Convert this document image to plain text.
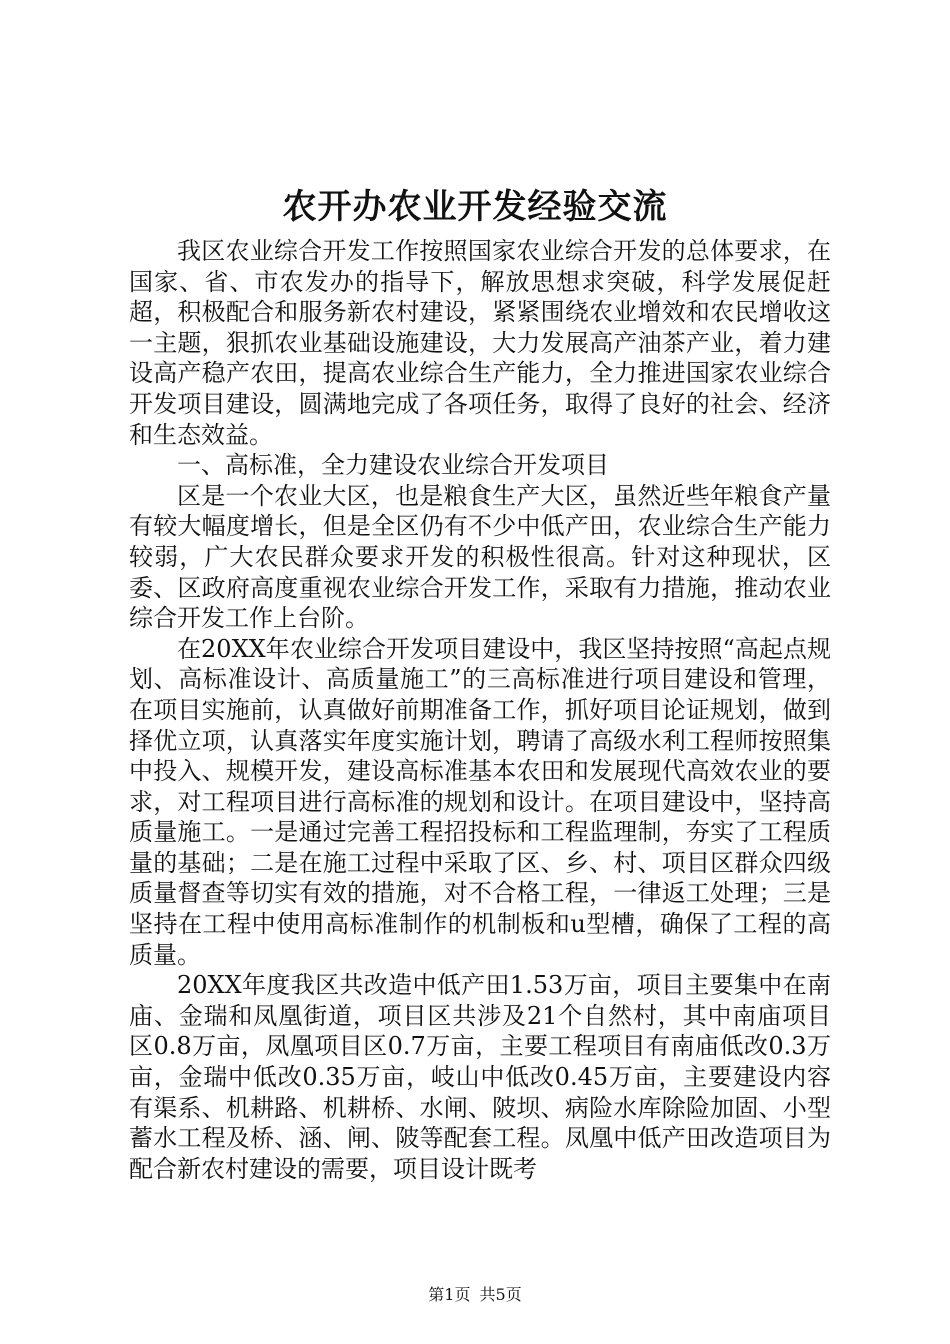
农开办农业开发经验交流

我区农业综合开发工作按照国家农业综合开发的总体要求，在国家、省、市农发办的指导下，解放思想求突破，科学发展促赶超，积极配合和服务新农村建设，紧紧围绕农业增效和农民增收这一主题，狠抓农业基础设施建设，大力发展高产油茶产业，着力建设高产稳产农田，提高农业综合生产能力，全力推进国家农业综合开发项目建设，圆满地完成了各项任务，取得了良好的社会、经济和生态效益。

一、高标准，全力建设农业综合开发项目

区是一个农业大区，也是粮食生产大区，虽然近些年粮食产量有较大幅度增长，但是全区仍有不少中低产田，农业综合生产能力较弱，广大农民群众要求开发的积极性很高。针对这种现状，区委、区政府高度重视农业综合开发工作，采取有力措施，推动农业综合开发工作上台阶。

在20XX年农业综合开发项目建设中，我区坚持按照“高起点规划、高标准设计、高质量施工”的三高标准进行项目建设和管理，在项目实施前，认真做好前期准备工作，抓好项目论证规划，做到择优立项，认真落实年度实施计划，聘请了高级水利工程师按照集中投入、规模开发，建设高标准基本农田和发展现代高效农业的要求，对工程项目进行高标准的规划和设计。在项目建设中，坚持高质量施工。一是通过完善工程招投标和工程监理制，夯实了工程质量的基础；二是在施工过程中采取了区、乡、村、项目区群众四级质量督查等切实有效的措施，对不合格工程，一律返工处理；三是坚持在工程中使用高标准制作的机制板和u型槽，确保了工程的高质量。

20XX年度我区共改造中低产田1.53万亩，项目主要集中在南庙、金瑞和凤凰街道，项目区共涉及21个自然村，其中南庙项目区0.8万亩，凤凰项目区0.7万亩，主要工程项目有南庙低改0.3万亩，金瑞中低改0.35万亩，岐山中低改0.45万亩，主要建设内容有渠系、机耕路、机耕桥、水闸、陂坝、病险水库除险加固、小型蓄水工程及桥、涵、闸、陂等配套工程。凤凰中低产田改造项目为配合新农村建设的需要，项目设计既考

第1页 共5页
